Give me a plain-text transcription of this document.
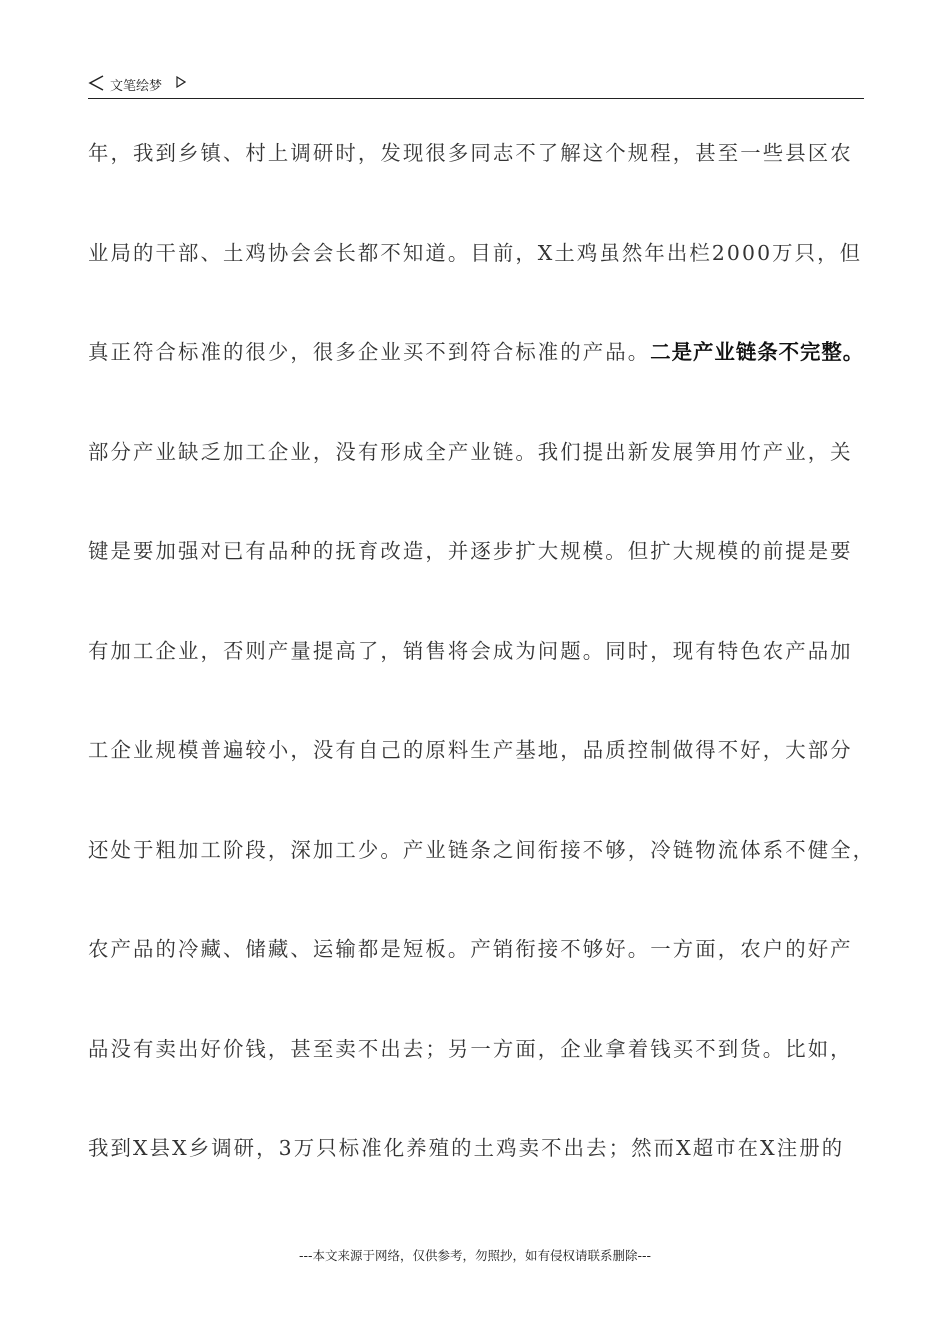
文笔绘梦
年，我到乡镇、村上调研时，发现很多同志不了解这个规程，甚至一些县区农
业局的干部、土鸡协会会长都不知道。目前，X土鸡虽然年出栏2000万只，但
真正符合标准的很少，很多企业买不到符合标准的产品。二是产业链条不完整。
部分产业缺乏加工企业，没有形成全产业链。我们提出新发展笋用竹产业，关
键是要加强对已有品种的抚育改造，并逐步扩大规模。但扩大规模的前提是要
有加工企业，否则产量提高了，销售将会成为问题。同时，现有特色农产品加
工企业规模普遍较小，没有自己的原料生产基地，品质控制做得不好，大部分
还处于粗加工阶段，深加工少。产业链条之间衔接不够，冷链物流体系不健全，
农产品的冷藏、储藏、运输都是短板。产销衔接不够好。一方面，农户的好产
品没有卖出好价钱，甚至卖不出去；另一方面，企业拿着钱买不到货。比如，
我到X县X乡调研，3万只标准化养殖的土鸡卖不出去；然而X超市在X注册的
---本文来源于网络，仅供参考，勿照抄，如有侵权请联系删除---
